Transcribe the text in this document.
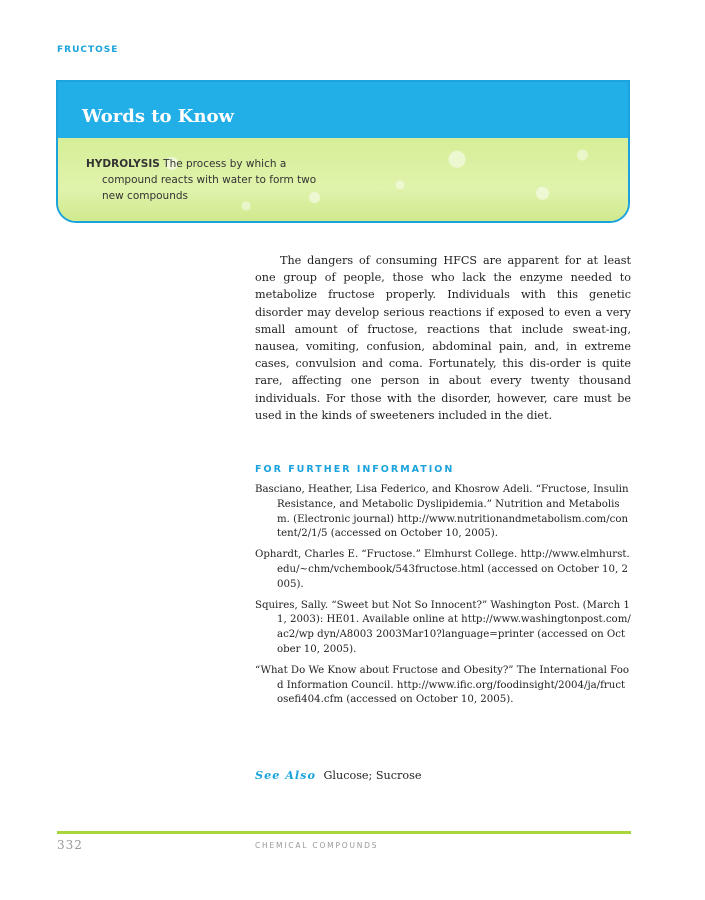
FRUCTOSE
Words to Know
HYDROLYSIS The process by which a compound reacts with water to form two new compounds

The dangers of consuming HFCS are apparent for at least one group of people, those who lack the enzyme needed to metabolize fructose properly. Individuals with this genetic disorder may develop serious reactions if exposed to even a very small amount of fructose, reactions that include sweat-ing, nausea, vomiting, confusion, abdominal pain, and, in extreme cases, convulsion and coma. Fortunately, this dis-order is quite rare, affecting one person in about every twenty thousand individuals. For those with the disorder, however, care must be used in the kinds of sweeteners included in the diet.

FOR FURTHER INFORMATION
Basciano, Heather, Lisa Federico, and Khosrow Adeli. “Fructose, Insulin Resistance, and Metabolic Dyslipidemia.” Nutrition and Metabolism. (Electronic journal) http://www.nutritionandmetabolism.com/content/2/1/5 (accessed on October 10, 2005).
Ophardt, Charles E. “Fructose.” Elmhurst College. http://www.elmhurst.edu/~chm/vchembook/543fructose.html (accessed on October 10, 2005).
Squires, Sally. “Sweet but Not So Innocent?” Washington Post. (March 11, 2003): HE01. Available online at http://www.washingtonpost.com/ac2/wp dyn/A8003 2003Mar10?language=printer (accessed on October 10, 2005).
“What Do We Know about Fructose and Obesity?” The International Food Information Council. http://www.ific.org/foodinsight/2004/ja/fructosefi404.cfm (accessed on October 10, 2005).
See Also Glucose; Sucrose
332	CHEMICAL COMPOUNDS
